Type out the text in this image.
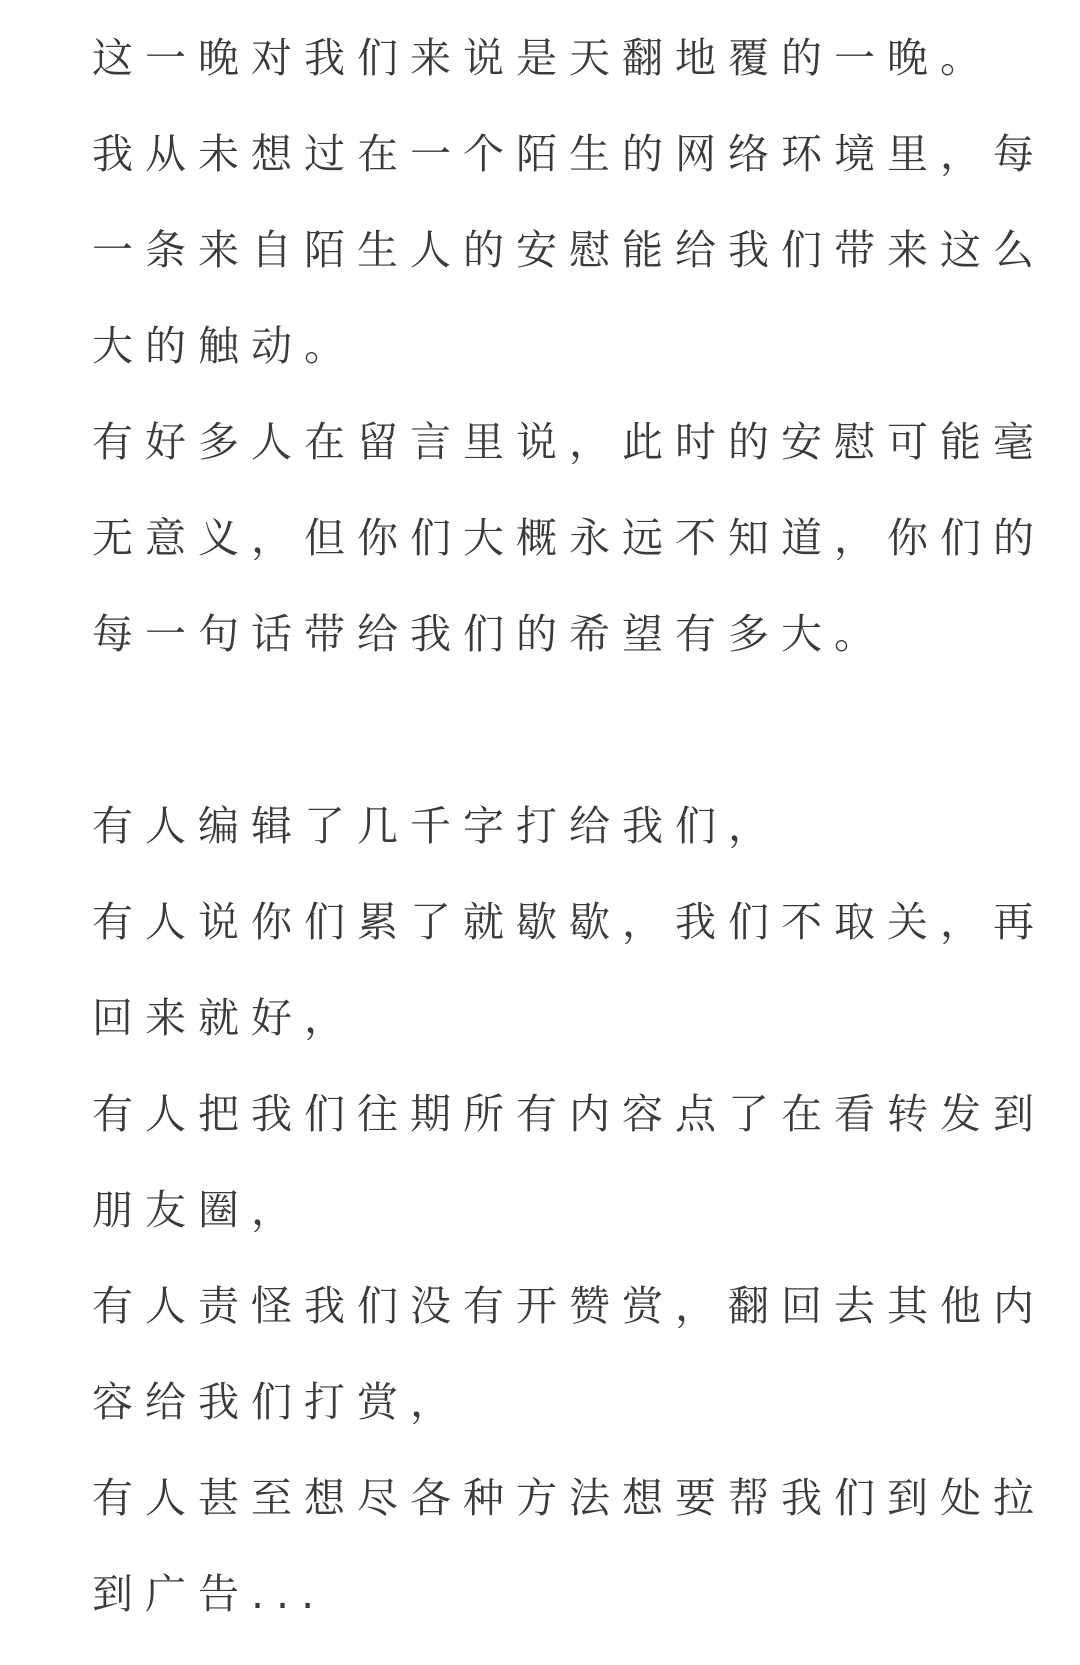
这一晚对我们来说是天翻地覆的一晚。

我从未想过在一个陌生的网络环境里，每

一条来自陌生人的安慰能给我们带来这么

大的触动。

有好多人在留言里说，此时的安慰可能毫

无意义，但你们大概永远不知道，你们的

每一句话带给我们的希望有多大。

有人编辑了几千字打给我们，

有人说你们累了就歇歇，我们不取关，再

回来就好，

有人把我们往期所有内容点了在看转发到

朋友圈，

有人责怪我们没有开赞赏，翻回去其他内

容给我们打赏，

有人甚至想尽各种方法想要帮我们到处拉

到广告...
